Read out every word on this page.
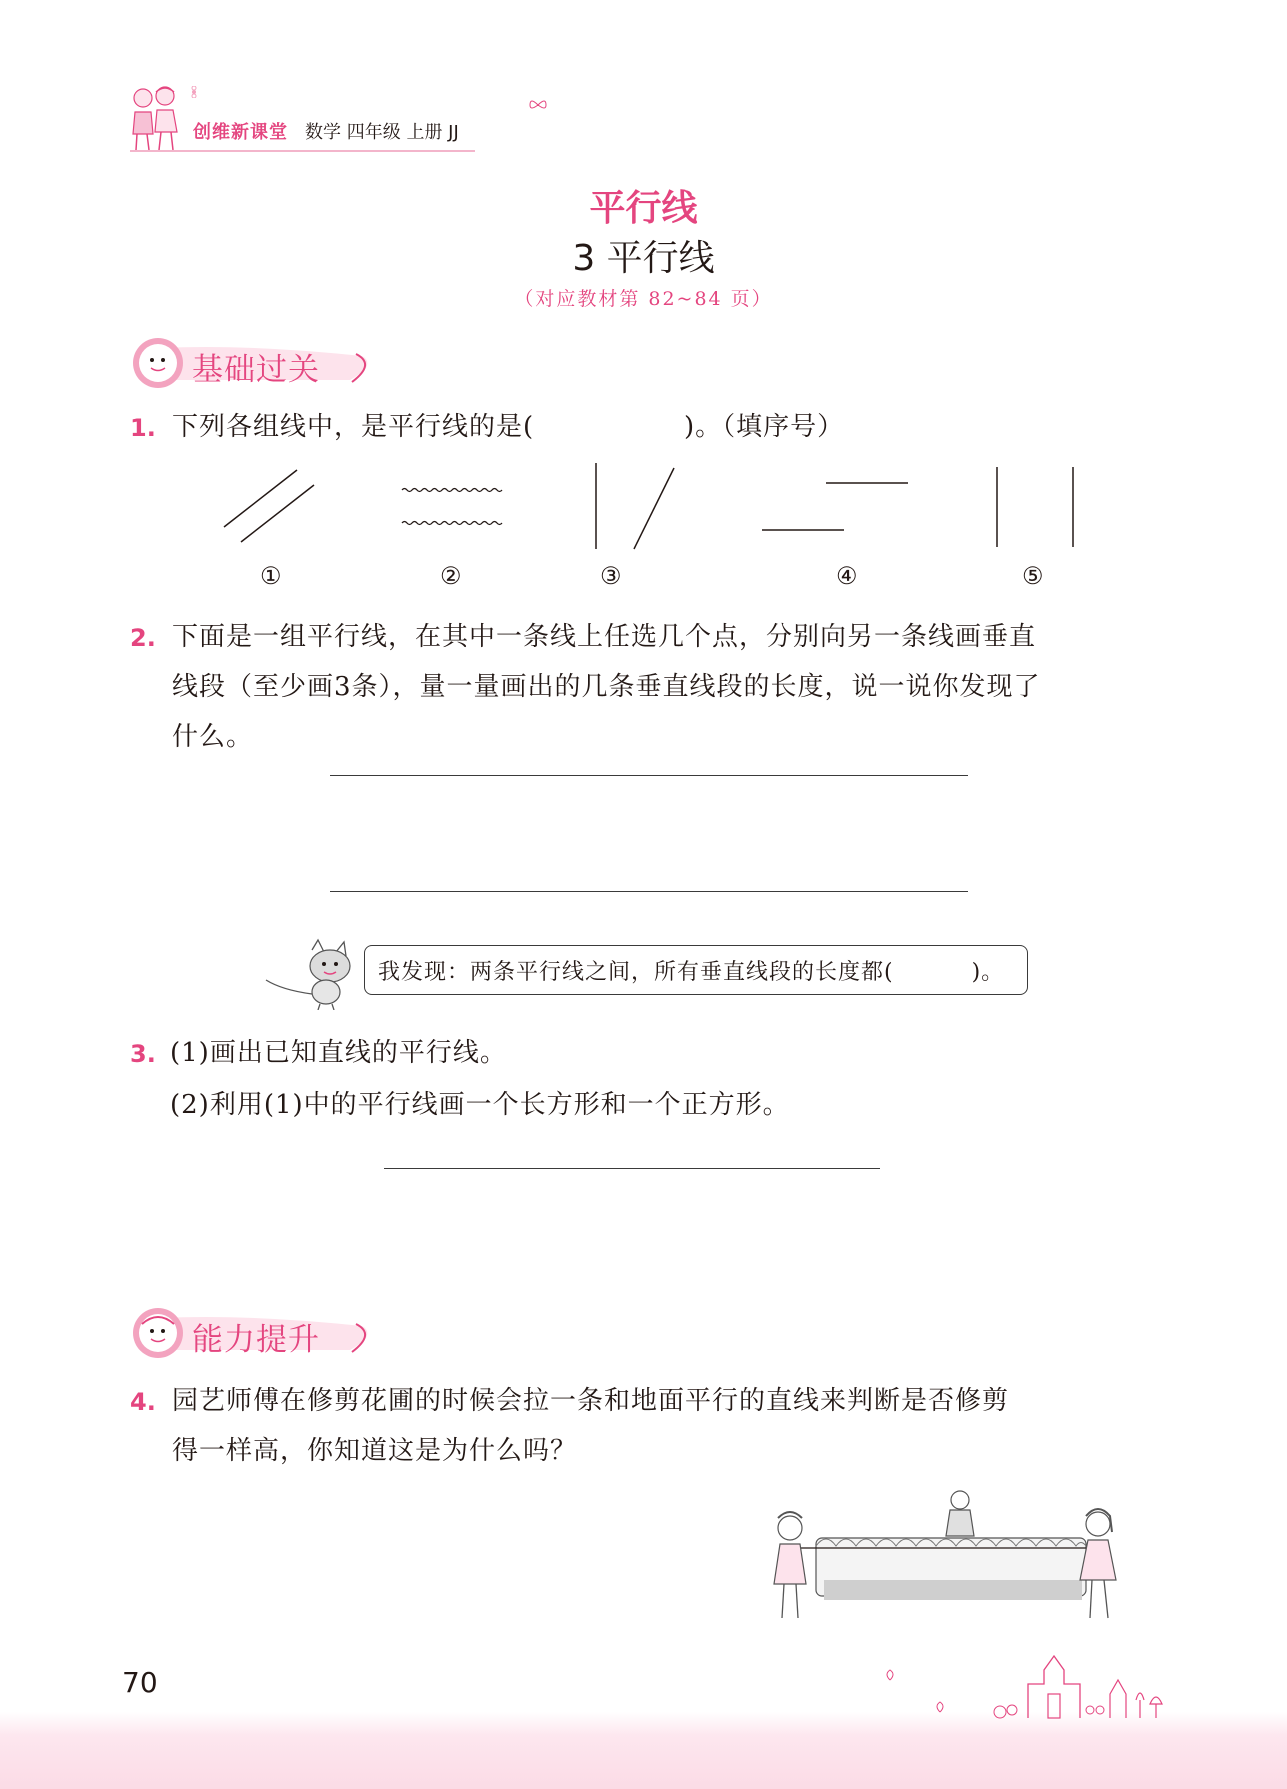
创维新课堂 数学 四年级 上册 JJ
平行线
3 平行线
（对应教材第 82~84 页）
基础过关
1. 下列各组线中，是平行线的是(	)。（填序号）
①	②	③	④	⑤
2. 下面是一组平行线，在其中一条线上任选几个点，分别向另一条线画垂直
线段（至少画3条），量一量画出的几条垂直线段的长度，说一说你发现了
什么。
我发现：两条平行线之间，所有垂直线段的长度都(	)。
3. (1)画出已知直线的平行线。
(2)利用(1)中的平行线画一个长方形和一个正方形。
能力提升
4. 园艺师傅在修剪花圃的时候会拉一条和地面平行的直线来判断是否修剪
得一样高，你知道这是为什么吗？
70
